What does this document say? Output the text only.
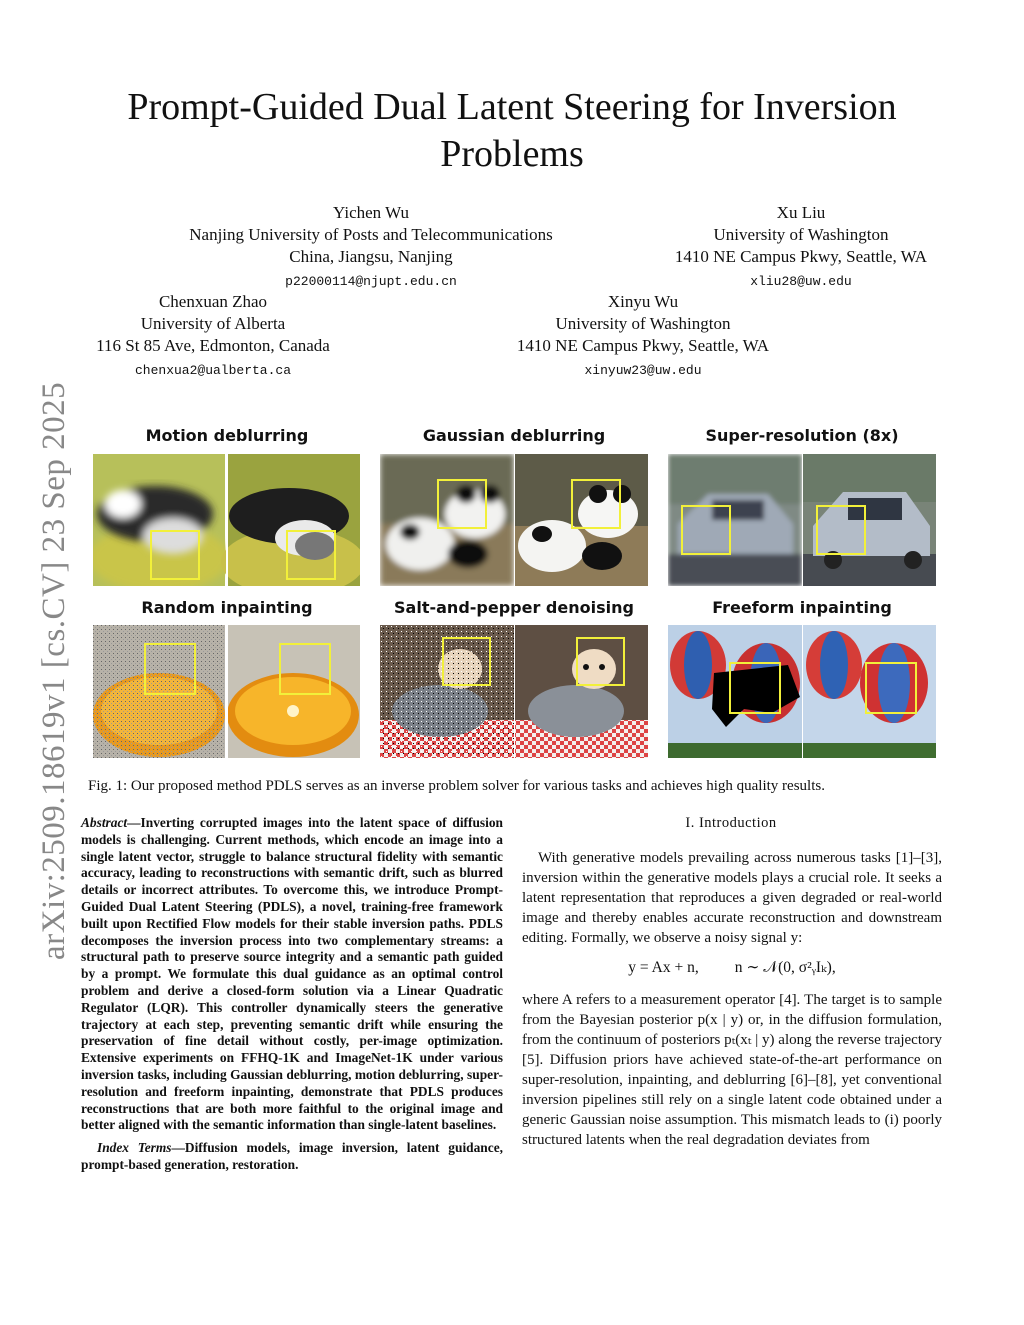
arXiv:2509.18619v1 [cs.CV] 23 Sep 2025
Prompt-Guided Dual Latent Steering for Inversion Problems
Yichen Wu
Nanjing University of Posts and Telecommunications
China, Jiangsu, Nanjing
p22000114@njupt.edu.cn
Xu Liu
University of Washington
1410 NE Campus Pkwy, Seattle, WA
xliu28@uw.edu
Chenxuan Zhao
University of Alberta
116 St 85 Ave, Edmonton, Canada
chenxua2@ualberta.ca
Xinyu Wu
University of Washington
1410 NE Campus Pkwy, Seattle, WA
xinyuw23@uw.edu
Motion deblurring	Gaussian deblurring	Super-resolution (8x)
Random inpainting	Salt-and-pepper denoising	Freeform inpainting
Fig. 1: Our proposed method PDLS serves as an inverse problem solver for various tasks and achieves high quality results.

Abstract—Inverting corrupted images into the latent space of diffusion models is challenging. Current methods, which encode an image into a single latent vector, struggle to balance structural fidelity with semantic accuracy, leading to reconstructions with semantic drift, such as blurred details or incorrect attributes. To overcome this, we introduce Prompt-Guided Dual Latent Steering (PDLS), a novel, training-free framework built upon Rectified Flow models for their stable inversion paths. PDLS decomposes the inversion process into two complementary streams: a structural path to preserve source integrity and a semantic path guided by a prompt. We formulate this dual guidance as an optimal control problem and derive a closed-form solution via a Linear Quadratic Regulator (LQR). This controller dynamically steers the generative trajectory at each step, preventing semantic drift while ensuring the preservation of fine detail without costly, per-image optimization. Extensive experiments on FFHQ-1K and ImageNet-1K under various inversion tasks, including Gaussian deblurring, motion deblurring, super-resolution and freeform inpainting, demonstrate that PDLS produces reconstructions that are both more faithful to the original image and better aligned with the semantic information than single-latent baselines.

Index Terms—Diffusion models, image inversion, latent guidance, prompt-based generation, restoration.

I. Introduction

With generative models prevailing across numerous tasks [1]–[3], inversion within the generative models plays a crucial role. It seeks a latent representation that reproduces a given degraded or real-world image and thereby enables accurate reconstruction and downstream editing. Formally, we observe a noisy signal y:

y = Ax + n, n ∼ 𝒩(0, σ²ᵧIₖ),

where A refers to a measurement operator [4]. The target is to sample from the Bayesian posterior p(x | y) or, in the diffusion formulation, from the continuum of posteriors pₜ(xₜ | y) along the reverse trajectory [5]. Diffusion priors have achieved state-of-the-art performance on super-resolution, inpainting, and deblurring [6]–[8], yet conventional inversion pipelines still rely on a single latent code obtained under a generic Gaussian noise assumption. This mismatch leads to (i) poorly structured latents when the real degradation deviates from
